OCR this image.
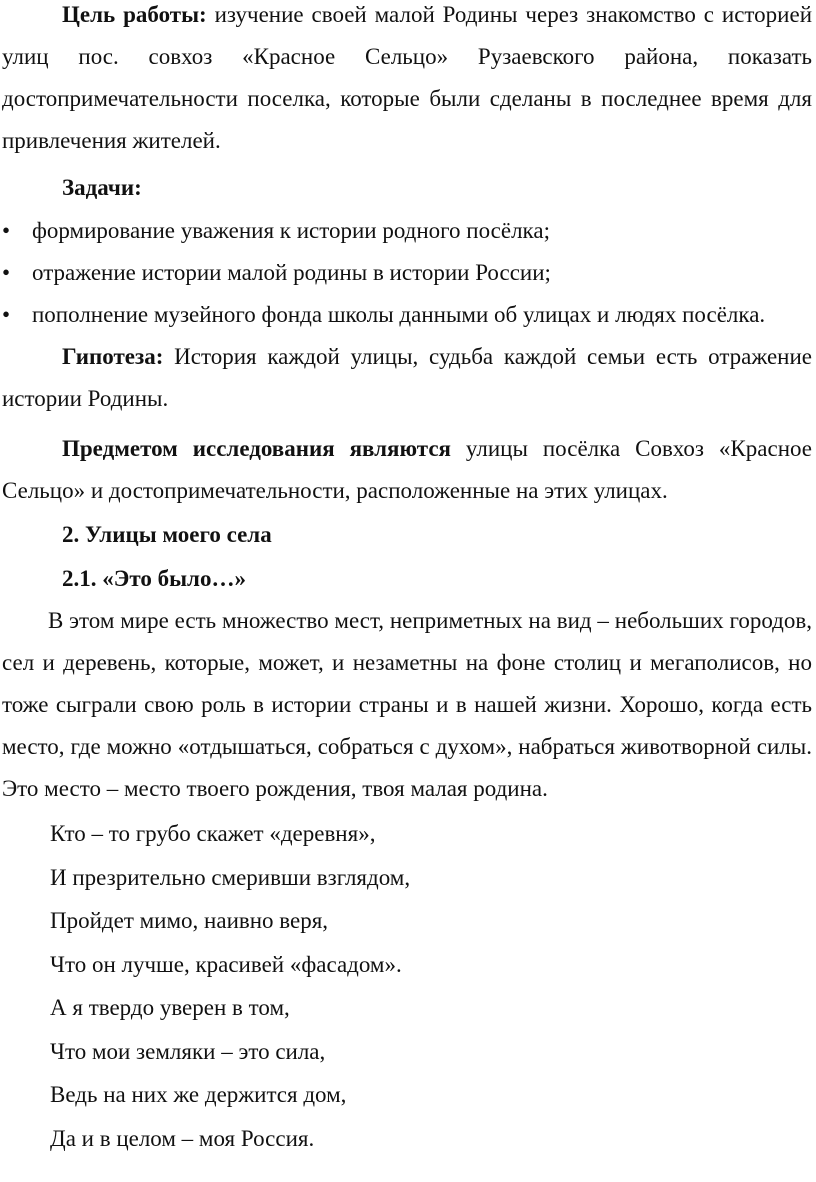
Цель работы: изучение своей малой Родины через знакомство с историей улиц пос. совхоз «Красное Сельцо» Рузаевского района, показать достопримечательности поселка, которые были сделаны в последнее время для привлечения жителей.

Задачи:

• формирование уважения к истории родного посёлка;
• отражение истории малой родины в истории России;
• пополнение музейного фонда школы данными об улицах и людях посёлка.

Гипотеза: История каждой улицы, судьба каждой семьи есть отражение истории Родины.

Предметом исследования являются улицы посёлка Совхоз «Красное Сельцо» и достопримечательности, расположенные на этих улицах.

2. Улицы моего села

2.1. «Это было…»

В этом мире есть множество мест, неприметных на вид – небольших городов, сел и деревень, которые, может, и незаметны на фоне столиц и мегаполисов, но тоже сыграли свою роль в истории страны и в нашей жизни. Хорошо, когда есть место, где можно «отдышаться, собраться с духом», набраться животворной силы. Это место – место твоего рождения, твоя малая родина.

Кто – то грубо скажет «деревня»,

И презрительно смеривши взглядом,

Пройдет мимо, наивно веря,

Что он лучше, красивей «фасадом».

А я твердо уверен в том,

Что мои земляки – это сила,

Ведь на них же держится дом,

Да и в целом – моя Россия.
